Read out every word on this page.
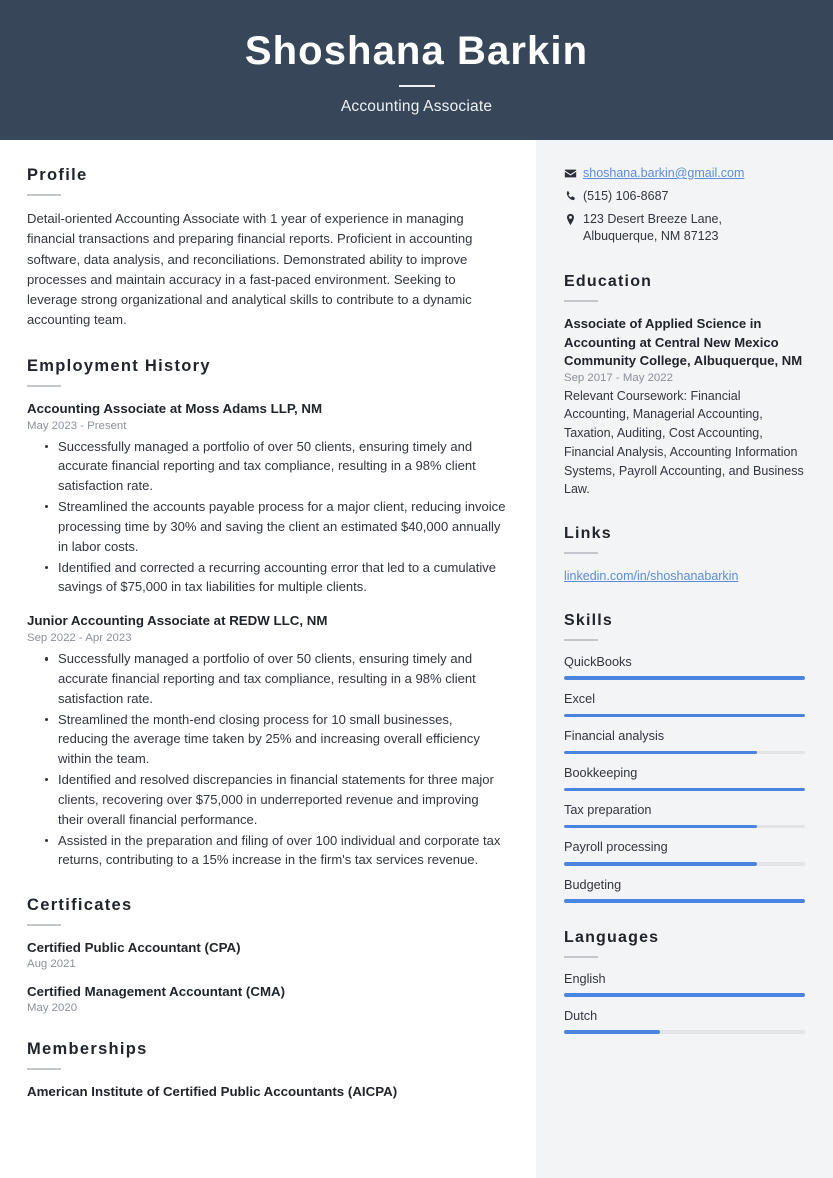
Shoshana Barkin
Accounting Associate
Profile

Detail-oriented Accounting Associate with 1 year of experience in managing financial transactions and preparing financial reports. Proficient in accounting software, data analysis, and reconciliations. Demonstrated ability to improve processes and maintain accuracy in a fast-paced environment. Seeking to leverage strong organizational and analytical skills to contribute to a dynamic accounting team.

Employment History
Accounting Associate at Moss Adams LLP, NM
May 2023 - Present
Successfully managed a portfolio of over 50 clients, ensuring timely and accurate financial reporting and tax compliance, resulting in a 98% client satisfaction rate.
Streamlined the accounts payable process for a major client, reducing invoice processing time by 30% and saving the client an estimated $40,000 annually in labor costs.
Identified and corrected a recurring accounting error that led to a cumulative savings of $75,000 in tax liabilities for multiple clients.
Junior Accounting Associate at REDW LLC, NM
Sep 2022 - Apr 2023
Successfully managed a portfolio of over 50 clients, ensuring timely and accurate financial reporting and tax compliance, resulting in a 98% client satisfaction rate.
Streamlined the month-end closing process for 10 small businesses, reducing the average time taken by 25% and increasing overall efficiency within the team.
Identified and resolved discrepancies in financial statements for three major clients, recovering over $75,000 in underreported revenue and improving their overall financial performance.
Assisted in the preparation and filing of over 100 individual and corporate tax returns, contributing to a 15% increase in the firm's tax services revenue.
Certificates
Certified Public Accountant (CPA)
Aug 2021
Certified Management Accountant (CMA)
May 2020
Memberships
American Institute of Certified Public Accountants (AICPA)
shoshana.barkin@gmail.com
(515) 106-8687
123 Desert Breeze Lane,
Albuquerque, NM 87123
Education
Associate of Applied Science in Accounting at Central New Mexico Community College, Albuquerque, NM
Sep 2017 - May 2022

Relevant Coursework: Financial Accounting, Managerial Accounting, Taxation, Auditing, Cost Accounting, Financial Analysis, Accounting Information Systems, Payroll Accounting, and Business Law.

Links
linkedin.com/in/shoshanabarkin
Skills
QuickBooks
Excel
Financial analysis
Bookkeeping
Tax preparation
Payroll processing
Budgeting
Languages
English
Dutch
